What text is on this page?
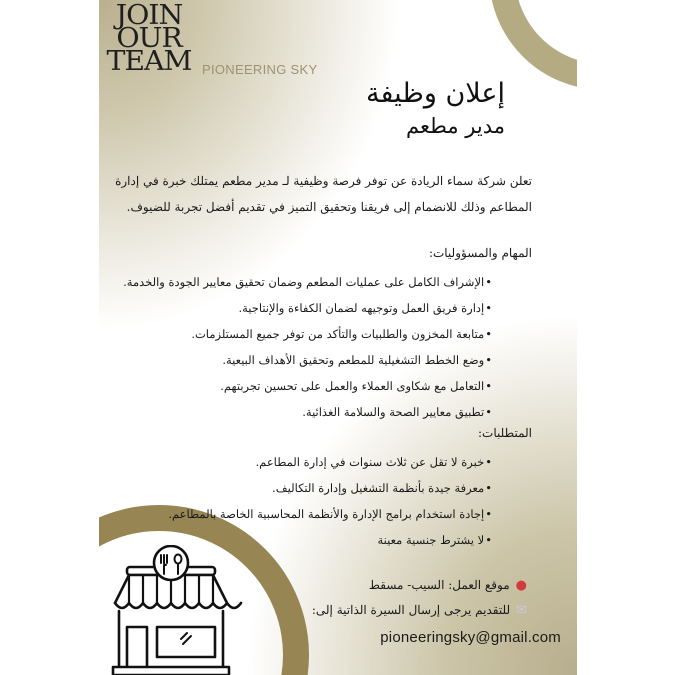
JOIN
OUR
TEAM PIONEERING SKY
إعلان وظيفة
مدير مطعم
تعلن شركة سماء الريادة عن توفر فرصة وظيفية لـ مدير مطعم يمتلك خبرة في إدارة المطاعم وذلك للانضمام إلى فريقنا وتحقيق التميز في تقديم أفضل تجربة للضيوف.
المهام والمسؤوليات:
• الإشراف الكامل على عمليات المطعم وضمان تحقيق معايير الجودة والخدمة.
• إدارة فريق العمل وتوجيهه لضمان الكفاءة والإنتاجية.
• متابعة المخزون والطلبيات والتأكد من توفر جميع المستلزمات.
• وضع الخطط التشغيلية للمطعم وتحقيق الأهداف البيعية.
• التعامل مع شكاوى العملاء والعمل على تحسين تجربتهم.
• تطبيق معايير الصحة والسلامة الغذائية.
المتطلبات:
• خبرة لا تقل عن ثلاث سنوات في إدارة المطاعم.
• معرفة جيدة بأنظمة التشغيل وإدارة التكاليف.
• إجادة استخدام برامج الإدارة والأنظمة المحاسبية الخاصة بالمطاعم.
• لا يشترط جنسية معينة
●موقع العمل: السيب- مسقط
✉للتقديم يرجى إرسال السيرة الذاتية إلى:
pioneeringsky@gmail.com
